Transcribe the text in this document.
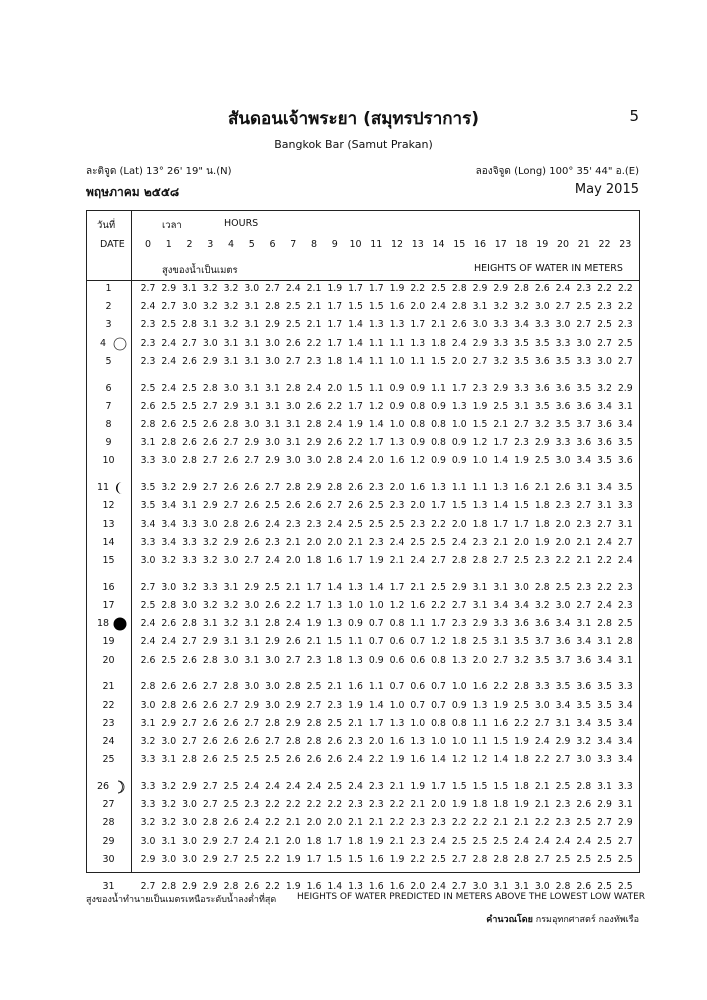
สันดอนเจ้าพระยา (สมุทรปราการ)	5
Bangkok Bar (Samut Prakan)
ละติจูด (Lat) 13° 26' 19" น.(N)	ลองจิจูด (Long) 100° 35' 44" อ.(E)
พฤษภาคม ๒๕๕๘	May 2015
วันที่
DATE
เวลา	HOURS
สูงของน้ำเป็นเมตร	HEIGHTS OF WATER IN METERS
0	1	2	3	4	5	6	7	8	9	10 11 12 13 14 15 16 17 18 19 20 21 22 23
1	2.7 2.9 3.1 3.2 3.2 3.0 2.7 2.4 2.1 1.9 1.7 1.7 1.9 2.2 2.5 2.8 2.9 2.9 2.8 2.6 2.4 2.3 2.2 2.2
2	2.4 2.7 3.0 3.2 3.2 3.1 2.8 2.5 2.1 1.7 1.5 1.5 1.6 2.0 2.4 2.8 3.1 3.2 3.2 3.0 2.7 2.5 2.3 2.2
3	2.3 2.5 2.8 3.1 3.2 3.1 2.9 2.5 2.1 1.7 1.4 1.3 1.3 1.7 2.1 2.6 3.0 3.3 3.4 3.3 3.0 2.7 2.5 2.3
4	2.3 2.4 2.7 3.0 3.1 3.1 3.0 2.6 2.2 1.7 1.4 1.1 1.1 1.3 1.8 2.4 2.9 3.3 3.5 3.5 3.3 3.0 2.7 2.5
5	2.3 2.4 2.6 2.9 3.1 3.1 3.0 2.7 2.3 1.8 1.4 1.1 1.0 1.1 1.5 2.0 2.7 3.2 3.5 3.6 3.5 3.3 3.0 2.7
6	2.5 2.4 2.5 2.8 3.0 3.1 3.1 2.8 2.4 2.0 1.5 1.1 0.9 0.9 1.1 1.7 2.3 2.9 3.3 3.6 3.6 3.5 3.2 2.9
7	2.6 2.5 2.5 2.7 2.9 3.1 3.1 3.0 2.6 2.2 1.7 1.2 0.9 0.8 0.9 1.3 1.9 2.5 3.1 3.5 3.6 3.6 3.4 3.1
8	2.8 2.6 2.5 2.6 2.8 3.0 3.1 3.1 2.8 2.4 1.9 1.4 1.0 0.8 0.8 1.0 1.5 2.1 2.7 3.2 3.5 3.7 3.6 3.4
9	3.1 2.8 2.6 2.6 2.7 2.9 3.0 3.1 2.9 2.6 2.2 1.7 1.3 0.9 0.8 0.9 1.2 1.7 2.3 2.9 3.3 3.6 3.6 3.5
10	3.3 3.0 2.8 2.7 2.6 2.7 2.9 3.0 3.0 2.8 2.4 2.0 1.6 1.2 0.9 0.9 1.0 1.4 1.9 2.5 3.0 3.4 3.5 3.6
11	3.5 3.2 2.9 2.7 2.6 2.6 2.7 2.8 2.9 2.8 2.6 2.3 2.0 1.6 1.3 1.1 1.1 1.3 1.6 2.1 2.6 3.1 3.4 3.5
12	3.5 3.4 3.1 2.9 2.7 2.6 2.5 2.6 2.6 2.7 2.6 2.5 2.3 2.0 1.7 1.5 1.3 1.4 1.5 1.8 2.3 2.7 3.1 3.3
13	3.4 3.4 3.3 3.0 2.8 2.6 2.4 2.3 2.3 2.4 2.5 2.5 2.5 2.3 2.2 2.0 1.8 1.7 1.7 1.8 2.0 2.3 2.7 3.1
14	3.3 3.4 3.3 3.2 2.9 2.6 2.3 2.1 2.0 2.0 2.1 2.3 2.4 2.5 2.5 2.4 2.3 2.1 2.0 1.9 2.0 2.1 2.4 2.7
15	3.0 3.2 3.3 3.2 3.0 2.7 2.4 2.0 1.8 1.6 1.7 1.9 2.1 2.4 2.7 2.8 2.8 2.7 2.5 2.3 2.2 2.1 2.2 2.4
16	2.7 3.0 3.2 3.3 3.1 2.9 2.5 2.1 1.7 1.4 1.3 1.4 1.7 2.1 2.5 2.9 3.1 3.1 3.0 2.8 2.5 2.3 2.2 2.3
17	2.5 2.8 3.0 3.2 3.2 3.0 2.6 2.2 1.7 1.3 1.0 1.0 1.2 1.6 2.2 2.7 3.1 3.4 3.4 3.2 3.0 2.7 2.4 2.3
18	2.4 2.6 2.8 3.1 3.2 3.1 2.8 2.4 1.9 1.3 0.9 0.7 0.8 1.1 1.7 2.3 2.9 3.3 3.6 3.6 3.4 3.1 2.8 2.5
19	2.4 2.4 2.7 2.9 3.1 3.1 2.9 2.6 2.1 1.5 1.1 0.7 0.6 0.7 1.2 1.8 2.5 3.1 3.5 3.7 3.6 3.4 3.1 2.8
20	2.6 2.5 2.6 2.8 3.0 3.1 3.0 2.7 2.3 1.8 1.3 0.9 0.6 0.6 0.8 1.3 2.0 2.7 3.2 3.5 3.7 3.6 3.4 3.1
21	2.8 2.6 2.6 2.7 2.8 3.0 3.0 2.8 2.5 2.1 1.6 1.1 0.7 0.6 0.7 1.0 1.6 2.2 2.8 3.3 3.5 3.6 3.5 3.3
22	3.0 2.8 2.6 2.6 2.7 2.9 3.0 2.9 2.7 2.3 1.9 1.4 1.0 0.7 0.7 0.9 1.3 1.9 2.5 3.0 3.4 3.5 3.5 3.4
23	3.1 2.9 2.7 2.6 2.6 2.7 2.8 2.9 2.8 2.5 2.1 1.7 1.3 1.0 0.8 0.8 1.1 1.6 2.2 2.7 3.1 3.4 3.5 3.4
24	3.2 3.0 2.7 2.6 2.6 2.6 2.7 2.8 2.8 2.6 2.3 2.0 1.6 1.3 1.0 1.0 1.1 1.5 1.9 2.4 2.9 3.2 3.4 3.4
25	3.3 3.1 2.8 2.6 2.5 2.5 2.5 2.6 2.6 2.6 2.4 2.2 1.9 1.6 1.4 1.2 1.2 1.4 1.8 2.2 2.7 3.0 3.3 3.4
26	3.3 3.2 2.9 2.7 2.5 2.4 2.4 2.4 2.4 2.5 2.4 2.3 2.1 1.9 1.7 1.5 1.5 1.5 1.8 2.1 2.5 2.8 3.1 3.3
27	3.3 3.2 3.0 2.7 2.5 2.3 2.2 2.2 2.2 2.2 2.3 2.3 2.2 2.1 2.0 1.9 1.8 1.8 1.9 2.1 2.3 2.6 2.9 3.1
28	3.2 3.2 3.0 2.8 2.6 2.4 2.2 2.1 2.0 2.0 2.1 2.1 2.2 2.3 2.3 2.2 2.2 2.1 2.1 2.2 2.3 2.5 2.7 2.9
29	3.0 3.1 3.0 2.9 2.7 2.4 2.1 2.0 1.8 1.7 1.8 1.9 2.1 2.3 2.4 2.5 2.5 2.5 2.4 2.4 2.4 2.4 2.5 2.7
30	2.9 3.0 3.0 2.9 2.7 2.5 2.2 1.9 1.7 1.5 1.5 1.6 1.9 2.2 2.5 2.7 2.8 2.8 2.8 2.7 2.5 2.5 2.5 2.5
31	2.7 2.8 2.9 2.9 2.8 2.6 2.2 1.9 1.6 1.4 1.3 1.6 1.6 2.0 2.4 2.7 3.0 3.1 3.1 3.0 2.8 2.6 2.5 2.5
สูงของน้ำทำนายเป็นเมตรเหนือระดับน้ำลงต่ำที่สุด HEIGHTS OF WATER PREDICTED IN METERS ABOVE THE LOWEST LOW WATER
คำนวณโดย กรมอุทกศาสตร์ กองทัพเรือ
